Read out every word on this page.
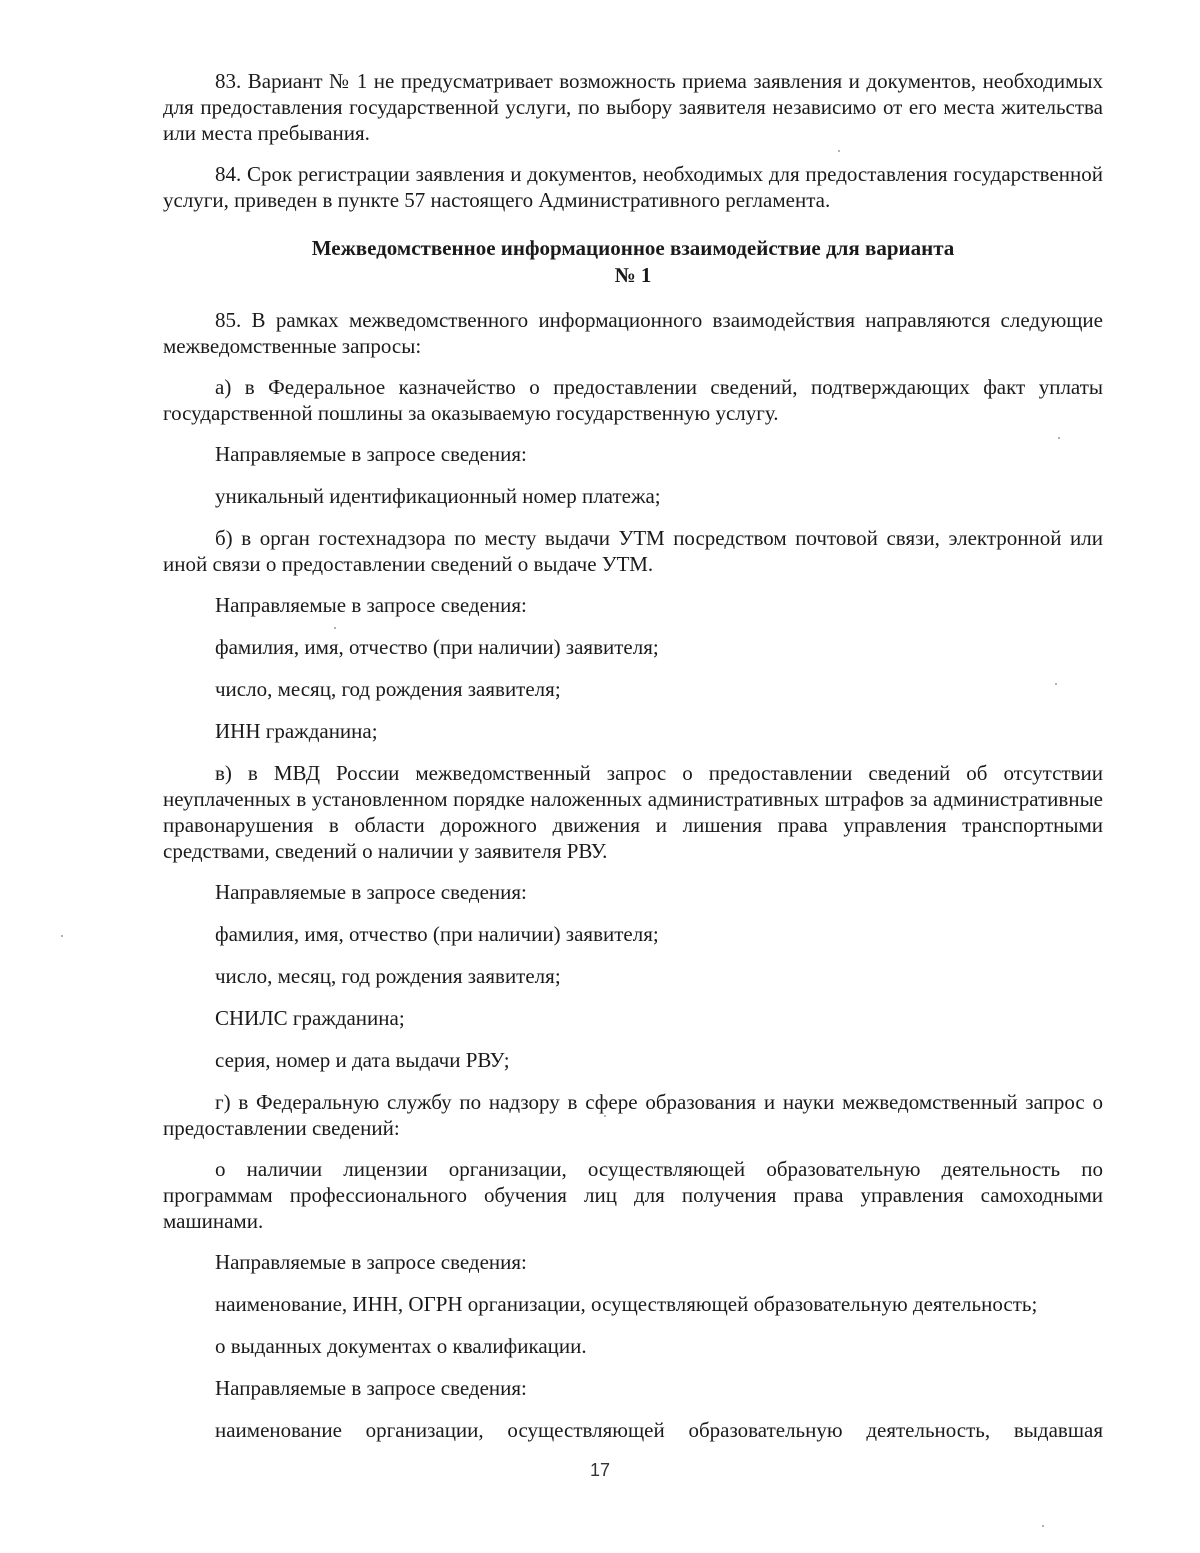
83. Вариант № 1 не предусматривает возможность приема заявления и документов, необходимых для предоставления государственной услуги, по выбору заявителя независимо от его места жительства или места пребывания.

84. Срок регистрации заявления и документов, необходимых для предоставления государственной услуги, приведен в пункте 57 настоящего Административного регламента.

Межведомственное информационное взаимодействие для варианта
№ 1

85. В рамках межведомственного информационного взаимодействия направляются следующие межведомственные запросы:

а) в Федеральное казначейство о предоставлении сведений, подтверждающих факт уплаты государственной пошлины за оказываемую государственную услугу.

Направляемые в запросе сведения:

уникальный идентификационный номер платежа;

б) в орган гостехнадзора по месту выдачи УТМ посредством почтовой связи, электронной или иной связи о предоставлении сведений о выдаче УТМ.

Направляемые в запросе сведения:

фамилия, имя, отчество (при наличии) заявителя;

число, месяц, год рождения заявителя;

ИНН гражданина;

в) в МВД России межведомственный запрос о предоставлении сведений об отсутствии неуплаченных в установленном порядке наложенных административных штрафов за административные правонарушения в области дорожного движения и лишения права управления транспортными средствами, сведений о наличии у заявителя РВУ.

Направляемые в запросе сведения:

фамилия, имя, отчество (при наличии) заявителя;

число, месяц, год рождения заявителя;

СНИЛС гражданина;

серия, номер и дата выдачи РВУ;

г) в Федеральную службу по надзору в сфере образования и науки межведомственный запрос о предоставлении сведений:

о наличии лицензии организации, осуществляющей образовательную деятельность по программам профессионального обучения лиц для получения права управления самоходными машинами.

Направляемые в запросе сведения:

наименование, ИНН, ОГРН организации, осуществляющей образовательную деятельность;

о выданных документах о квалификации.

Направляемые в запросе сведения:

наименование организации, осуществляющей образовательную деятельность, выдавшая

17
